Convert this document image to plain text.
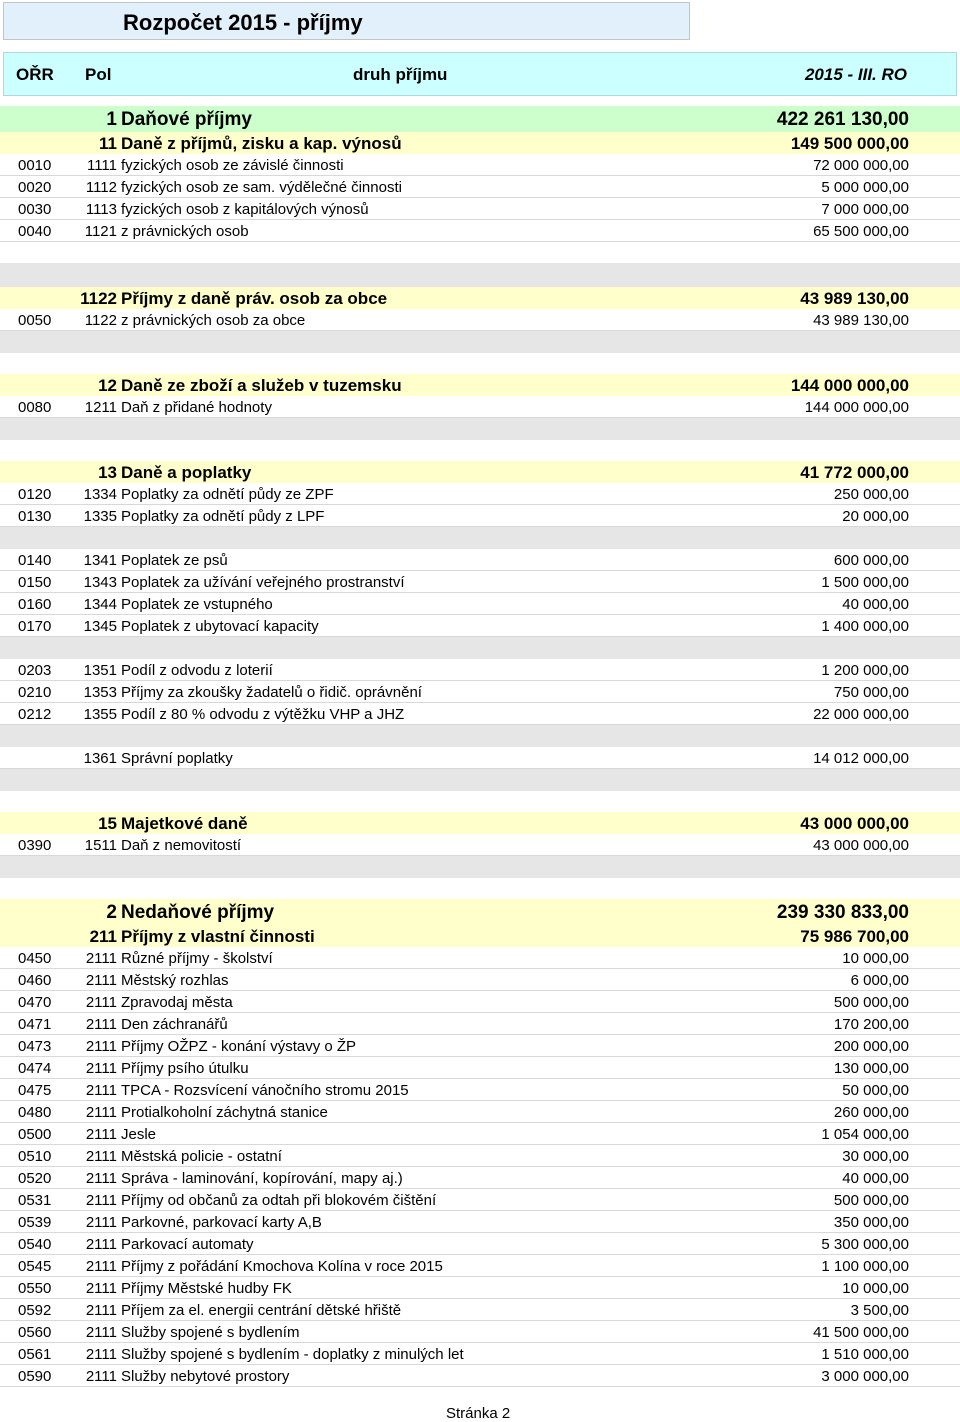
Rozpočet 2015 - příjmy
OŘR Pol	druh příjmu	2015 - III. RO
1 Daňové příjmy	422 261 130,00
11 Daně z příjmů, zisku a kap. výnosů	149 500 000,00
0010 1111 fyzických osob ze závislé činnosti	72 000 000,00
0020 1112 fyzických osob ze sam. výdělečné činnosti	5 000 000,00
0030 1113 fyzických osob z kapitálových výnosů	7 000 000,00
0040 1121 z právnických osob	65 500 000,00
1122 Příjmy z daně práv. osob za obce	43 989 130,00
0050 1122 z právnických osob za obce	43 989 130,00
12 Daně ze zboží a služeb v tuzemsku	144 000 000,00
0080 1211 Daň z přidané hodnoty	144 000 000,00
13 Daně a poplatky	41 772 000,00
0120 1334 Poplatky za odnětí půdy ze ZPF	250 000,00
0130 1335 Poplatky za odnětí půdy z LPF	20 000,00
0140 1341 Poplatek ze psů	600 000,00
0150 1343 Poplatek za užívání veřejného prostranství	1 500 000,00
0160 1344 Poplatek ze vstupného	40 000,00
0170 1345 Poplatek z ubytovací kapacity	1 400 000,00
0203 1351 Podíl z odvodu z loterií	1 200 000,00
0210 1353 Příjmy za zkoušky žadatelů o řidič. oprávnění	750 000,00
0212 1355 Podíl z 80 % odvodu z výtěžku VHP a JHZ	22 000 000,00
1361 Správní poplatky	14 012 000,00
15 Majetkové daně	43 000 000,00
0390 1511 Daň z nemovitostí	43 000 000,00
2 Nedaňové příjmy	239 330 833,00
211 Příjmy z vlastní činnosti	75 986 700,00
0450 2111 Různé příjmy - školství	10 000,00
0460 2111 Městský rozhlas	6 000,00
0470 2111 Zpravodaj města	500 000,00
0471 2111 Den záchranářů	170 200,00
0473 2111 Příjmy OŽPZ - konání výstavy o ŽP	200 000,00
0474 2111 Příjmy psího útulku	130 000,00
0475 2111 TPCA - Rozsvícení vánočního stromu 2015	50 000,00
0480 2111 Protialkoholní záchytná stanice	260 000,00
0500 2111 Jesle	1 054 000,00
0510 2111 Městská policie - ostatní	30 000,00
0520 2111 Správa - laminování, kopírování, mapy aj.)	40 000,00
0531 2111 Příjmy od občanů za odtah při blokovém čištění	500 000,00
0539 2111 Parkovné, parkovací karty A,B	350 000,00
0540 2111 Parkovací automaty	5 300 000,00
0545 2111 Příjmy z pořádání Kmochova Kolína v roce 2015	1 100 000,00
0550 2111 Příjmy Městské hudby FK	10 000,00
0592 2111 Příjem za el. energii centrání dětské hřiště	3 500,00
0560 2111 Služby spojené s bydlením	41 500 000,00
0561 2111 Služby spojené s bydlením - doplatky z minulých let	1 510 000,00
0590 2111 Služby nebytové prostory	3 000 000,00
Stránka 2
